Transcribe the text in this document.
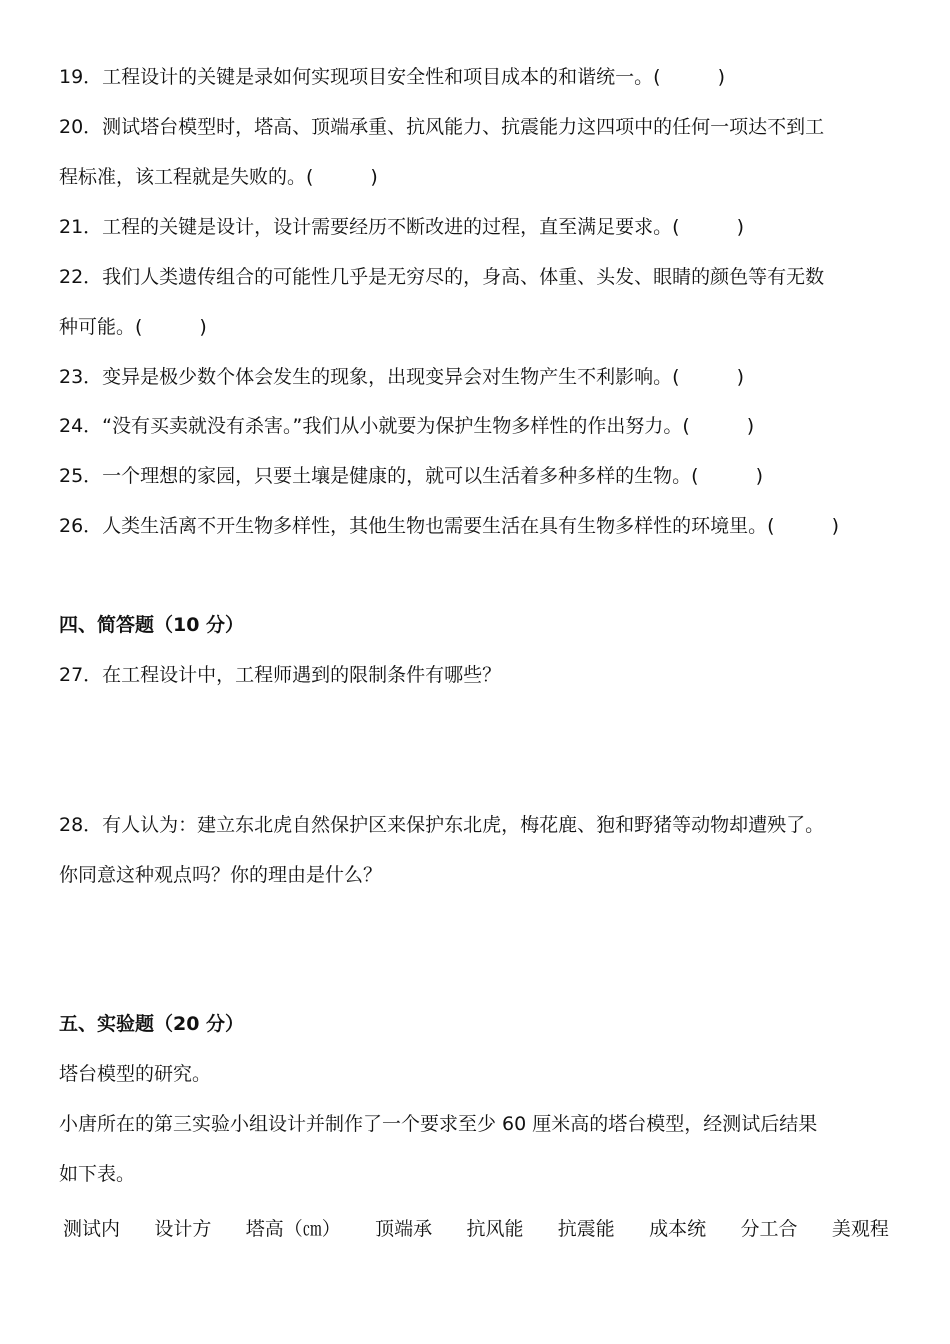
19．工程设计的关键是录如何实现项目安全性和项目成本的和谐统一。(　　　)
20．测试塔台模型时，塔高、顶端承重、抗风能力、抗震能力这四项中的任何一项达不到工
程标准，该工程就是失败的。(　　　)
21．工程的关键是设计，设计需要经历不断改进的过程，直至满足要求。(　　　)
22．我们人类遗传组合的可能性几乎是无穷尽的，身高、体重、头发、眼睛的颜色等有无数
种可能。(　　　)
23．变异是极少数个体会发生的现象，出现变异会对生物产生不利影响。(　　　)
24．“没有买卖就没有杀害。”我们从小就要为保护生物多样性的作出努力。(　　　)
25．一个理想的家园，只要土壤是健康的，就可以生活着多种多样的生物。(　　　)
26．人类生活离不开生物多样性，其他生物也需要生活在具有生物多样性的环境里。(　　　)
四、简答题（10 分）
27．在工程设计中，工程师遇到的限制条件有哪些？
28．有人认为：建立东北虎自然保护区来保护东北虎，梅花鹿、狍和野猪等动物却遭殃了。
你同意这种观点吗？你的理由是什么？
五、实验题（20 分）
塔台模型的研究。
小唐所在的第三实验小组设计并制作了一个要求至少 60 厘米高的塔台模型，经测试后结果
如下表。
测试内 设计方 塔高（㎝） 顶端承 抗风能 抗震能 成本统 分工合 美观程
